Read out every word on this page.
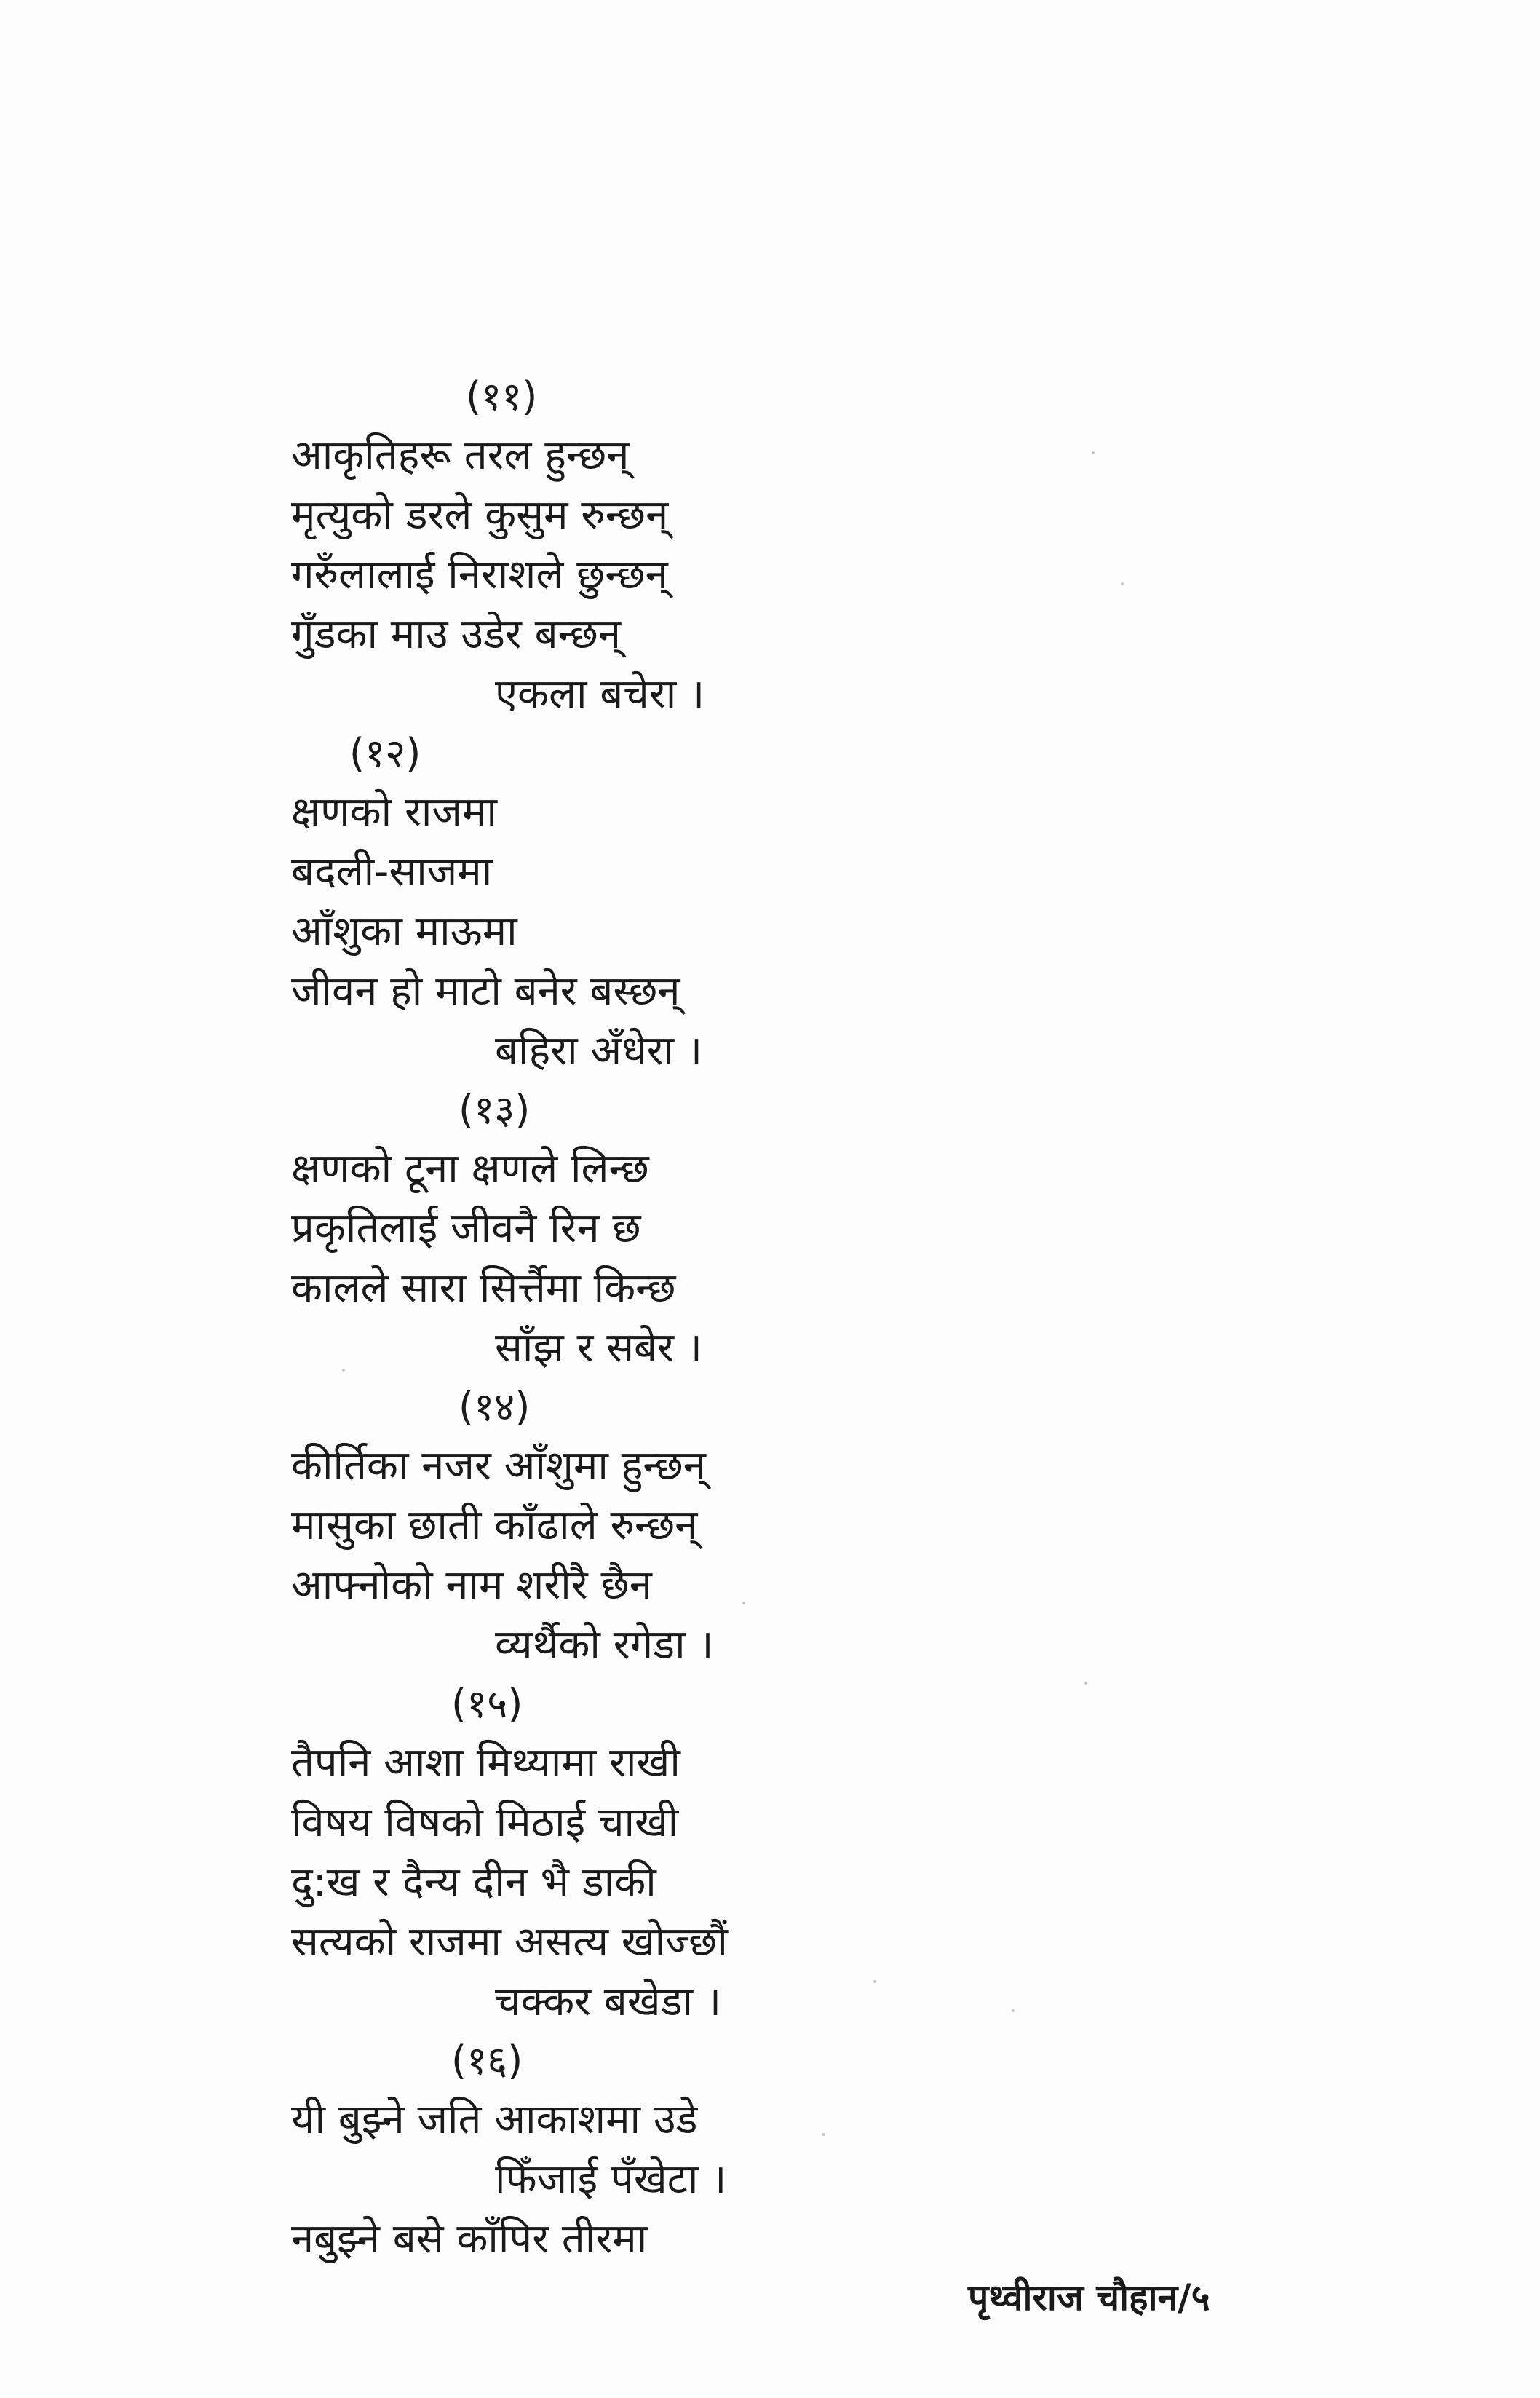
(११)
आकृतिहरू तरल हुन्छन्
मृत्युको डरले कुसुम रुन्छन्
गरुँलालाई निराशले छुन्छन्
गुँडका माउ उडेर बन्छन्
एकला बचेरा ।
(१२)
क्षणको राजमा
बदली-साजमा
आँशुका माऊमा
जीवन हो माटो बनेर बस्छन्
बहिरा अँधेरा ।
(१३)
क्षणको टूना क्षणले लिन्छ
प्रकृतिलाई जीवनै रिन छ
कालले सारा सिर्त्तैमा किन्छ
साँझ र सबेर ।
(१४)
कीर्तिका नजर आँशुमा हुन्छन्
मासुका छाती काँढाले रुन्छन्
आफ्नोको नाम शरीरै छैन
व्यर्थैको रगेडा ।
(१५)
तैपनि आशा मिथ्यामा राखी
विषय विषको मिठाई चाखी
दु:ख र दैन्य दीन भै डाकी
सत्यको राजमा असत्य खोज्छौं
चक्कर बखेडा ।
(१६)
यी बुझ्ने जति आकाशमा उडे
फिँजाई पँखेटा ।
नबुझ्ने बसे काँपिर तीरमा
पृथ्वीराज चौहान/५
